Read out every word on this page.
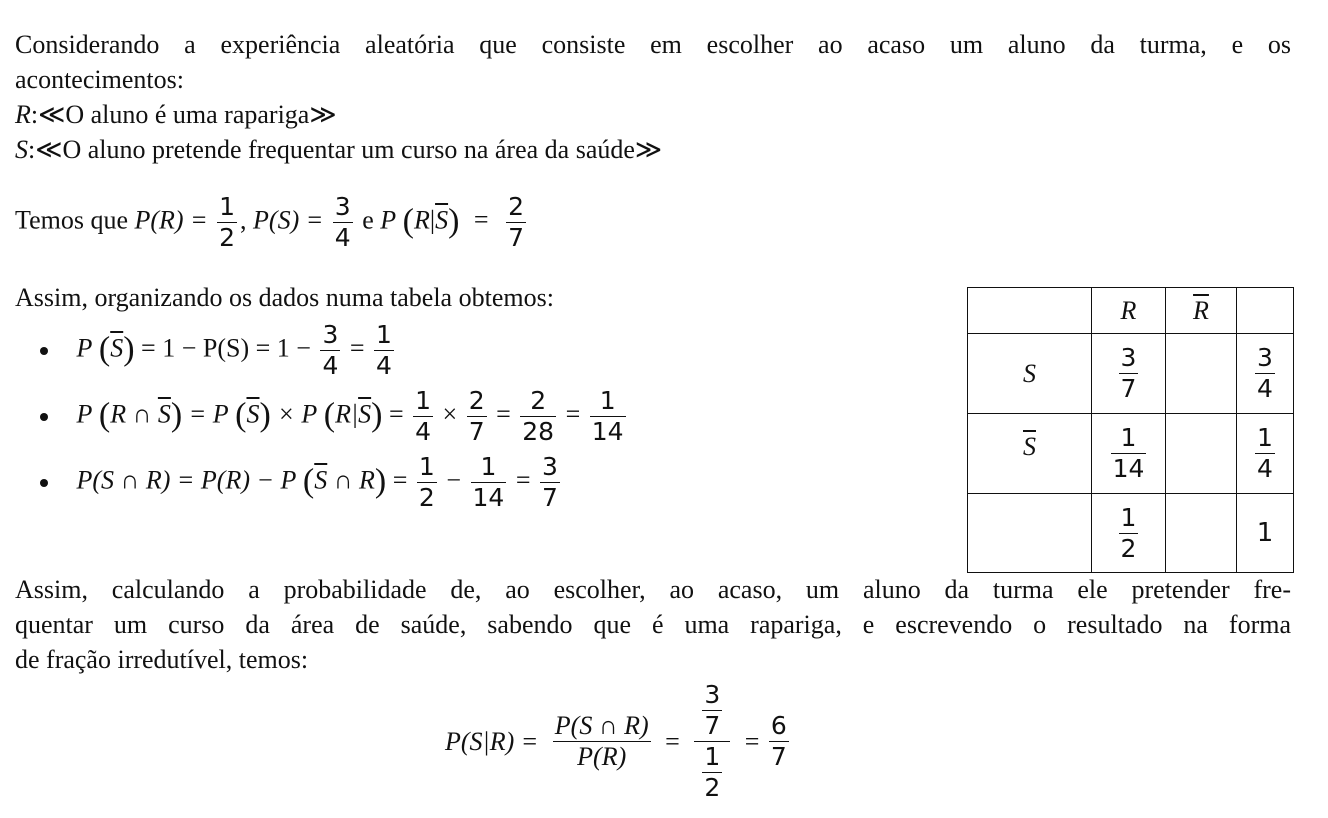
Considerando a experiência aleatória que consiste em escolher ao acaso um aluno da turma, e os
acontecimentos:
R:≪O aluno é uma rapariga≫
S:≪O aluno pretende frequentar um curso na área da saúde≫
Temos que $P(R) = \frac{1}{2}$ , $P(S) = \frac{3}{4}$ e P $(R|\overline{S}) = \frac{2}{7}$
Assim, organizando os dados numa tabela obtemos:
P $(\overline{S}) = 1 - P(S) = 1 - \frac{3}{4} = \frac{1}{4}$
P (R ∩ $\overline{S}) = P$ $(\overline{S}) \times P$ $(R|\overline{S}) = \frac{1}{4} \times \frac{2}{7} = \frac{2}{28} = \frac{1}{14}$
P(S ∩ R) = P(R) − P ($\overline{S}$ ∩ $R) = \frac{1}{2} - \frac{1}{14} = \frac{3}{7}$
	R	$\overline{R}$	
S	$\frac{3}{7}$		$\frac{3}{4}$

$\overline{S}$	$\frac{1}{14}$		$\frac{1}{4}$

	$\frac{1}{2}$		1
Assim, calculando a probabilidade de, ao escolher, ao acaso, um aluno da turma ele pretender fre-
quentar um curso da área de saúde, sabendo que é uma rapariga, e escrevendo o resultado na forma
de fração irredutível, temos:
$P(S|R) = \frac{P(S \cap R)}{P(R)} = \frac{\frac{3}{7}}{\frac{1}{2}} = \frac{6}{7}$
